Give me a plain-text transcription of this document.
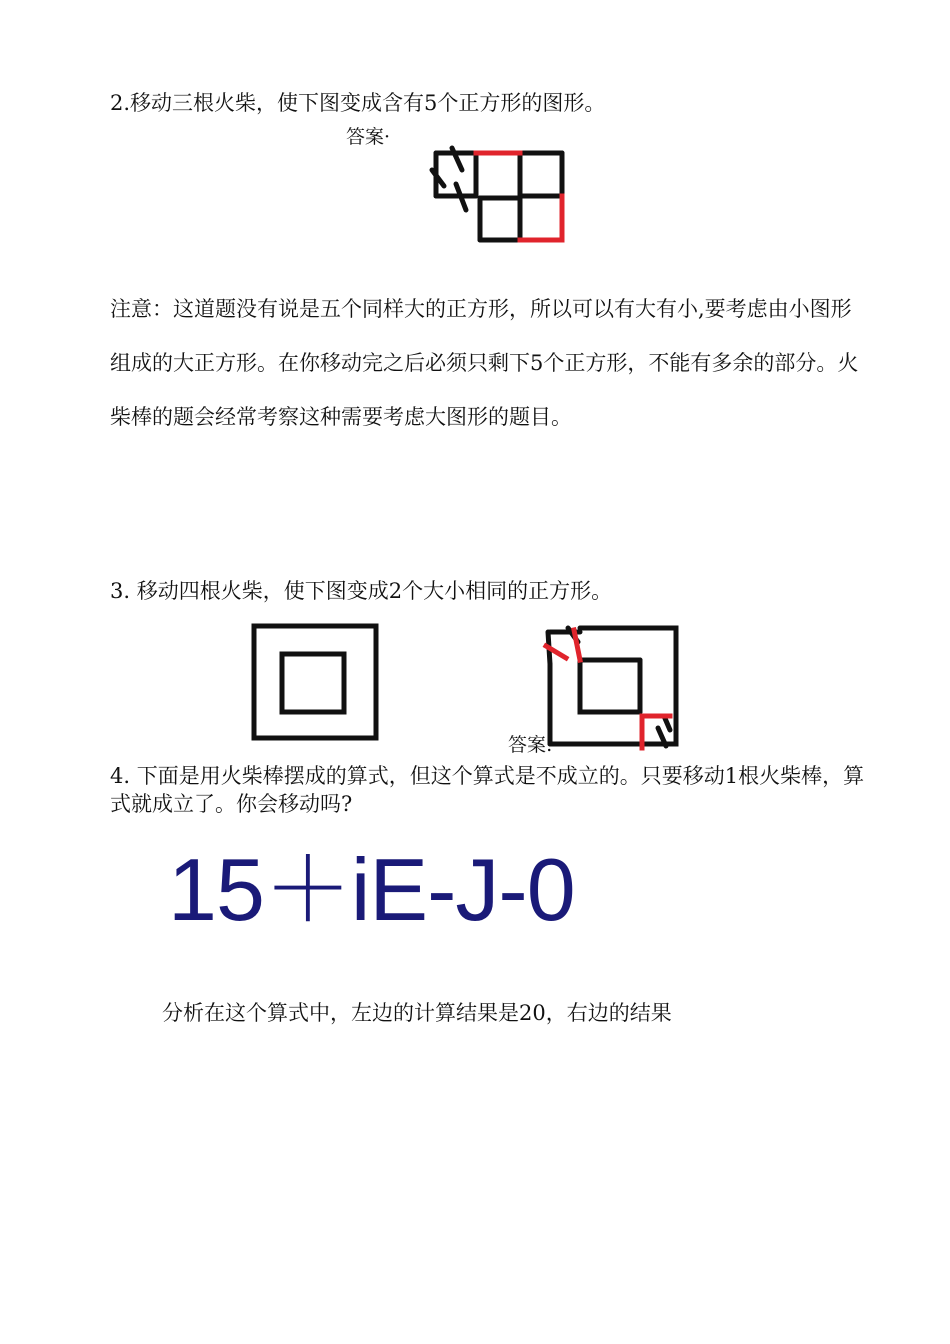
2.移动三根火柴，使下图变成含有5个正方形的图形。
答案·
注意：这道题没有说是五个同样大的正方形，所以可以有大有小,要考虑由小图形组成的大正方形。在你移动完之后必须只剩下5个正方形，不能有多余的部分。火柴棒的题会经常考察这种需要考虑大图形的题目。
3. 移动四根火柴，使下图变成2个大小相同的正方形。
答案:
4. 下面是用火柴棒摆成的算式，但这个算式是不成立的。只要移动1根火柴棒，算式就成立了。你会移动吗?
15＋iE-J-0
分析在这个算式中，左边的计算结果是20，右边的结果
